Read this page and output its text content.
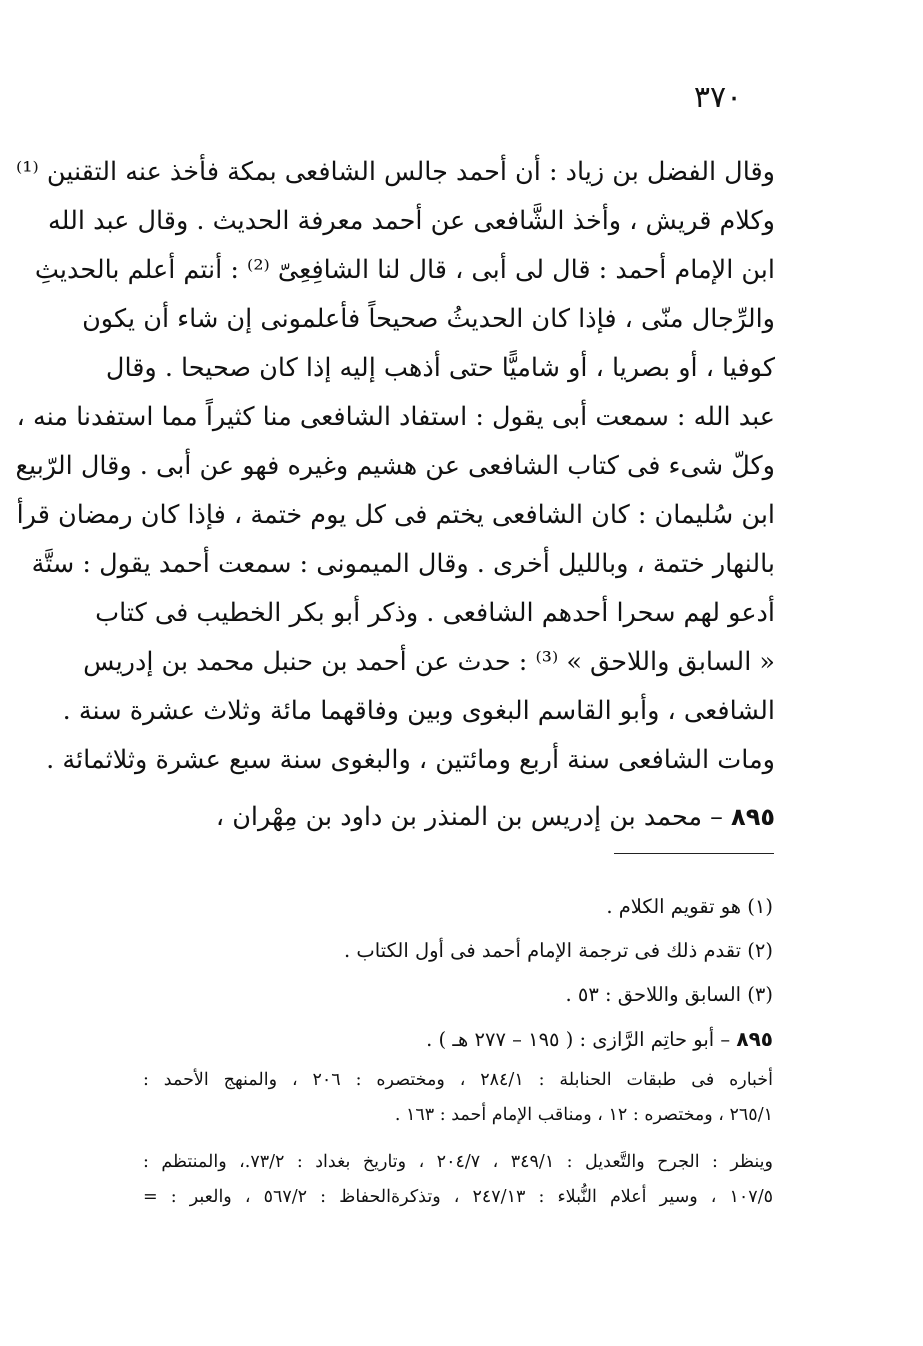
٣٧٠
وقال الفضل بن زياد : أن أحمد جالس الشافعى بمكة فأخذ عنه التقنين ⁽¹⁾
وكلام قريش ، وأخذ الشَّافعى عن أحمد معرفة الحديث . وقال عبد الله
ابن الإمام أحمد : قال لى أبى ، قال لنا الشافِعِىّ ⁽²⁾ : أنتم أعلم بالحديثِ
والرِّجال منّى ، فإذا كان الحديثُ صحيحاً فأعلمونى إن شاء أن يكون
كوفيا ، أو بصريا ، أو شاميًّا حتى أذهب إليه إذا كان صحيحا . وقال
عبد الله : سمعت أبى يقول : استفاد الشافعى منا كثيراً مما استفدنا منه ،
وكلّ شىء فى كتاب الشافعى عن هشيم وغيره فهو عن أبى . وقال الرّبيع
ابن سُليمان : كان الشافعى يختم فى كل يوم ختمة ، فإذا كان رمضان قرأ
بالنهار ختمة ، وبالليل أخرى . وقال الميمونى : سمعت أحمد يقول : ستَّة
أدعو لهم سحرا أحدهم الشافعى . وذكر أبو بكر الخطيب فى كتاب
« السابق واللاحق » ⁽³⁾ : حدث عن أحمد بن حنبل محمد بن إدريس
الشافعى ، وأبو القاسم البغوى وبين وفاقهما مائة وثلاث عشرة سنة .
ومات الشافعى سنة أربع ومائتين ، والبغوى سنة سبع عشرة وثلاثمائة .
٨٩٥ – محمد بن إدريس بن المنذر بن داود بن مِهْران ،
(١) هو تقويم الكلام .
(٢) تقدم ذلك فى ترجمة الإمام أحمد فى أول الكتاب .
(٣) السابق واللاحق : ٥٣ .
٨٩٥ – أبو حاتِم الرَّازى : ( ١٩٥ – ٢٧٧ هـ ) .
أخباره فى طبقات الحنابلة : ٢٨٤/١ ، ومختصره : ٢٠٦ ، والمنهج الأحمد :
٢٦٥/١ ، ومختصره : ١٢ ، ومناقب الإمام أحمد : ١٦٣ .
وينظر : الجرح والتَّعديل : ٣٤٩/١ ، ٢٠٤/٧ ، وتاريخ بغداد : ٧٣/٢.، والمنتظم :
١٠٧/٥ ، وسير أعلام النُّبلاء : ٢٤٧/١٣ ، وتذكرةالحفاظ : ٥٦٧/٢ ، والعبر : =
